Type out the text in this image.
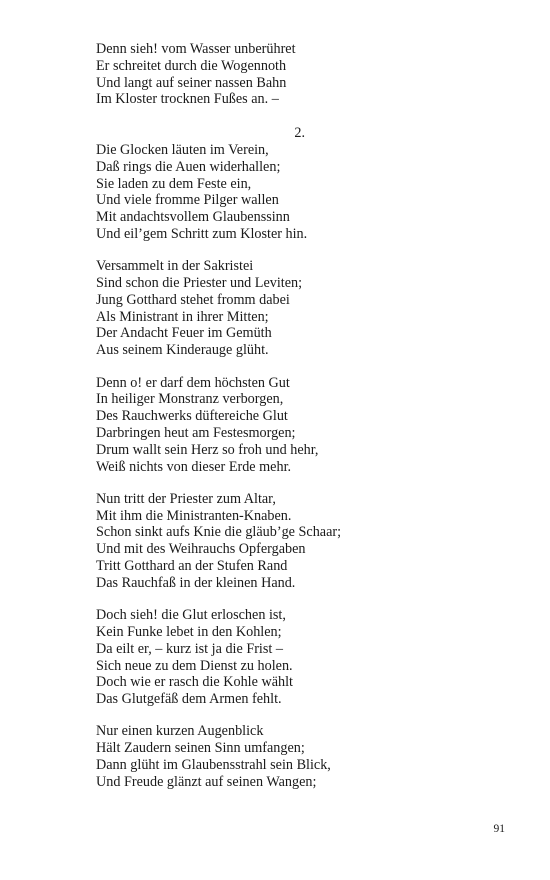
Denn sieh! vom Wasser unberühret
Er schreitet durch die Wogennoth
Und langt auf seiner nassen Bahn
Im Kloster trocknen Fußes an. –
2.
Die Glocken läuten im Verein,
Daß rings die Auen widerhallen;
Sie laden zu dem Feste ein,
Und viele fromme Pilger wallen
Mit andachtsvollem Glaubenssinn
Und eil’gem Schritt zum Kloster hin.
Versammelt in der Sakristei
Sind schon die Priester und Leviten;
Jung Gotthard stehet fromm dabei
Als Ministrant in ihrer Mitten;
Der Andacht Feuer im Gemüth
Aus seinem Kinderauge glüht.
Denn o! er darf dem höchsten Gut
In heiliger Monstranz verborgen,
Des Rauchwerks düftereiche Glut
Darbringen heut am Festesmorgen;
Drum wallt sein Herz so froh und hehr,
Weiß nichts von dieser Erde mehr.
Nun tritt der Priester zum Altar,
Mit ihm die Ministranten-Knaben.
Schon sinkt aufs Knie die gläub’ge Schaar;
Und mit des Weihrauchs Opfergaben
Tritt Gotthard an der Stufen Rand
Das Rauchfaß in der kleinen Hand.
Doch sieh! die Glut erloschen ist,
Kein Funke lebet in den Kohlen;
Da eilt er, – kurz ist ja die Frist –
Sich neue zu dem Dienst zu holen.
Doch wie er rasch die Kohle wählt
Das Glutgefäß dem Armen fehlt.
Nur einen kurzen Augenblick
Hält Zaudern seinen Sinn umfangen;
Dann glüht im Glaubensstrahl sein Blick,
Und Freude glänzt auf seinen Wangen;
91
